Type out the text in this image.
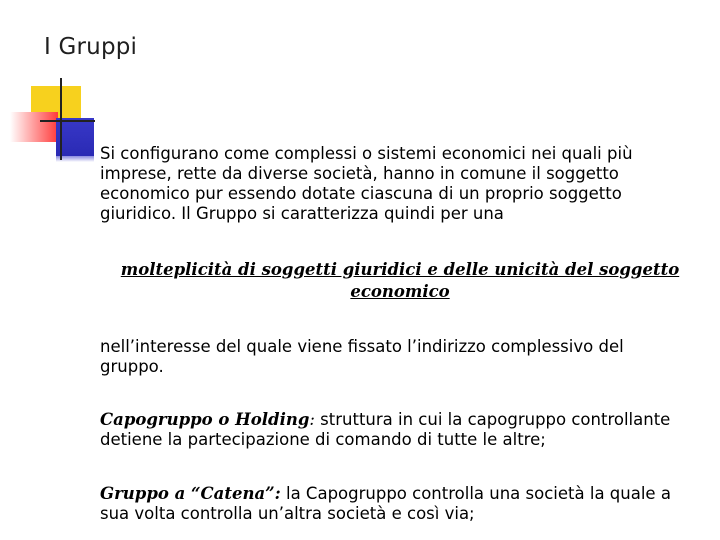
I Gruppi

Si configurano come complessi o sistemi economici nei quali più imprese, rette da diverse società, hanno in comune il soggetto economico pur essendo dotate ciascuna di un proprio soggetto giuridico. Il Gruppo si caratterizza quindi per una

molteplicità di soggetti giuridici e delle unicità del soggetto economico

nell’interesse del quale viene fissato l’indirizzo complessivo del gruppo.

Capogruppo o Holding: struttura in cui la capogruppo controllante detiene la partecipazione di comando di tutte le altre;

Gruppo a “Catena”: la Capogruppo controlla una società la quale a sua volta controlla un’altra società e così via;
